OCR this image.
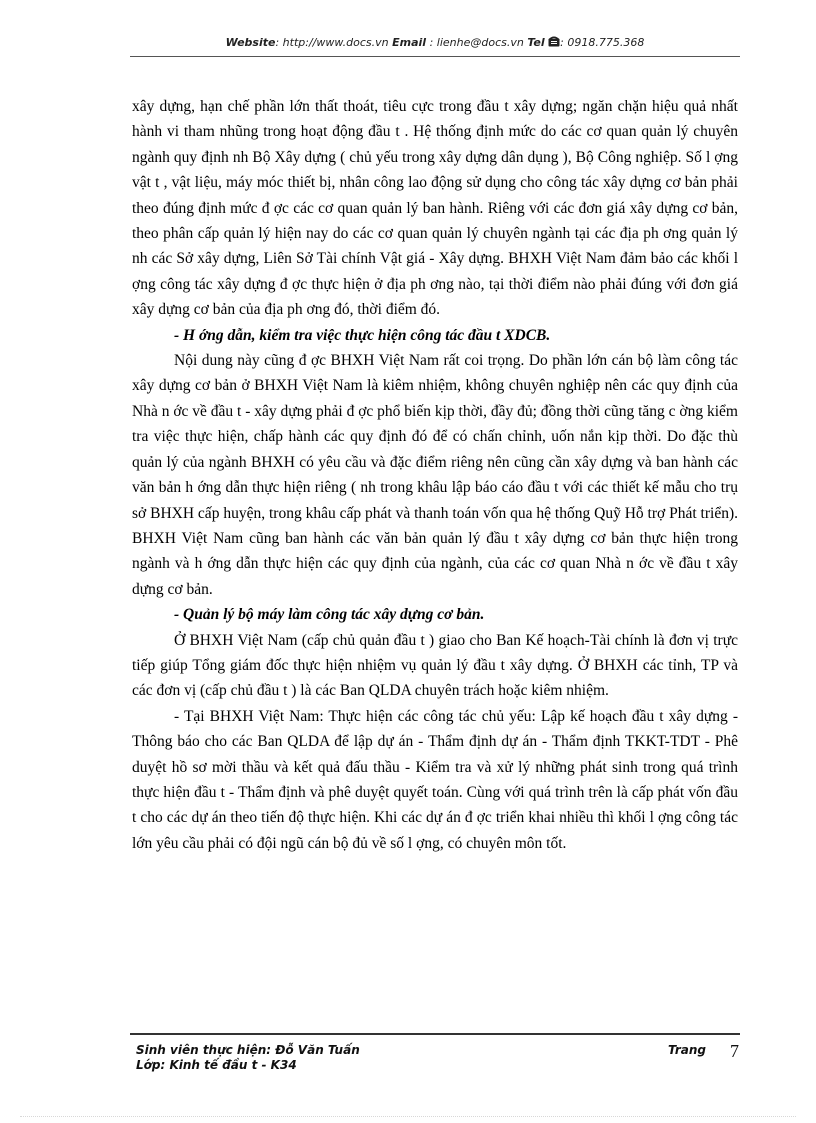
Website: http://www.docs.vn Email : lienhe@docs.vn Tel : 0918.775.368

xây dựng, hạn chế phần lớn thất thoát, tiêu cực trong đầu t xây dựng; ngăn chặn hiệu quả nhất hành vi tham nhũng trong hoạt động đầu t . Hệ thống định mức do các cơ quan quản lý chuyên ngành quy định nh Bộ Xây dựng ( chủ yếu trong xây dựng dân dụng ), Bộ Công nghiệp. Số l ợng vật t , vật liệu, máy móc thiết bị, nhân công lao động sử dụng cho công tác xây dựng cơ bản phải theo đúng định mức đ ợc các cơ quan quản lý ban hành. Riêng với các đơn giá xây dựng cơ bản, theo phân cấp quản lý hiện nay do các cơ quan quản lý chuyên ngành tại các địa ph ơng quản lý nh các Sở xây dựng, Liên Sở Tài chính Vật giá - Xây dựng. BHXH Việt Nam đảm bảo các khối l ợng công tác xây dựng đ ợc thực hiện ở địa ph ơng nào, tại thời điểm nào phải đúng với đơn giá xây dựng cơ bản của địa ph ơng đó, thời điểm đó.

- H ớng dẫn, kiểm tra việc thực hiện công tác đầu t XDCB.

Nội dung này cũng đ ợc BHXH Việt Nam rất coi trọng. Do phần lớn cán bộ làm công tác xây dựng cơ bản ở BHXH Việt Nam là kiêm nhiệm, không chuyên nghiệp nên các quy định của Nhà n ớc về đầu t - xây dựng phải đ ợc phổ biến kịp thời, đầy đủ; đồng thời cũng tăng c ờng kiểm tra việc thực hiện, chấp hành các quy định đó để có chấn chỉnh, uốn nắn kịp thời. Do đặc thù quản lý của ngành BHXH có yêu cầu và đặc điểm riêng nên cũng cần xây dựng và ban hành các văn bản h ớng dẫn thực hiện riêng ( nh trong khâu lập báo cáo đầu t với các thiết kế mẫu cho trụ sở BHXH cấp huyện, trong khâu cấp phát và thanh toán vốn qua hệ thống Quỹ Hỗ trợ Phát triển). BHXH Việt Nam cũng ban hành các văn bản quản lý đầu t xây dựng cơ bản thực hiện trong ngành và h ớng dẫn thực hiện các quy định của ngành, của các cơ quan Nhà n ớc về đầu t xây dựng cơ bản.

- Quản lý bộ máy làm công tác xây dựng cơ bản.

Ở BHXH Việt Nam (cấp chủ quản đầu t ) giao cho Ban Kế hoạch-Tài chính là đơn vị trực tiếp giúp Tổng giám đốc thực hiện nhiệm vụ quản lý đầu t xây dựng. Ở BHXH các tỉnh, TP và các đơn vị (cấp chủ đầu t ) là các Ban QLDA chuyên trách hoặc kiêm nhiệm.

- Tại BHXH Việt Nam: Thực hiện các công tác chủ yếu: Lập kế hoạch đầu t xây dựng - Thông báo cho các Ban QLDA để lập dự án - Thẩm định dự án - Thẩm định TKKT-TDT - Phê duyệt hồ sơ mời thầu và kết quả đấu thầu - Kiểm tra và xử lý những phát sinh trong quá trình thực hiện đầu t - Thẩm định và phê duyệt quyết toán. Cùng với quá trình trên là cấp phát vốn đầu t cho các dự án theo tiến độ thực hiện. Khi các dự án đ ợc triển khai nhiều thì khối l ợng công tác lớn yêu cầu phải có đội ngũ cán bộ đủ về số l ợng, có chuyên môn tốt.

Sinh viên thực hiện: Đỗ Văn Tuấn
Lớp: Kinh tế đầu t - K34
Trang 7
